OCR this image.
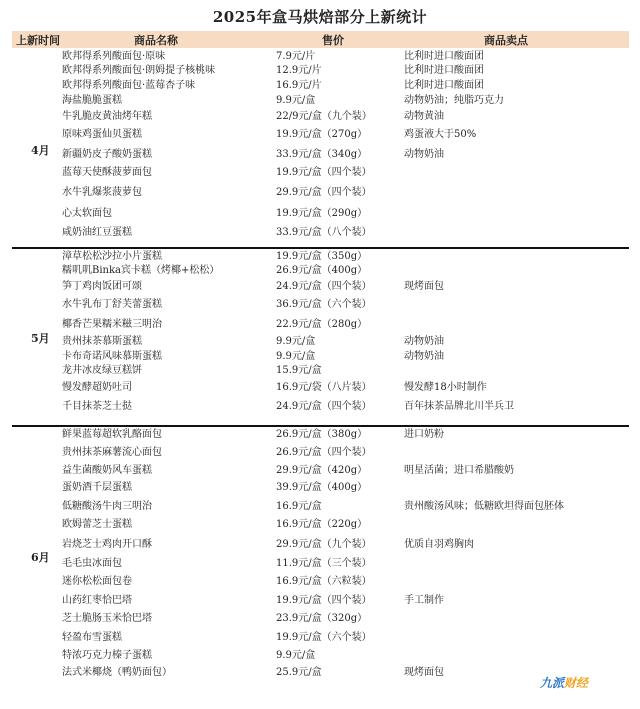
2025年盒马烘焙部分上新统计
上新时间	商品名称	售价	商品卖点
4月
欧邦得系列酸面包·原味	7.9元/片	比利时进口酸面团
欧邦得系列酸面包·朗姆提子核桃味	12.9元/片	比利时进口酸面团
欧邦得系列酸面包·蓝莓杏子味	16.9元/片	比利时进口酸面团
海盐脆脆蛋糕	9.9元/盒	动物奶油；纯脂巧克力
牛乳脆皮黄油烤年糕	22/9元/盒（九个装）	动物黄油
原味鸡蛋仙贝蛋糕	19.9元/盒（270g）	鸡蛋液大于50%
新疆奶皮子酸奶蛋糕	33.9元/盒（340g）	动物奶油
蓝莓天使酥菠萝面包	19.9元/盒（四个装）
水牛乳爆浆菠萝包	29.9元/盒（四个装）
心太软面包	19.9元/盒（290g）
咸奶油红豆蛋糕	33.9元/盒（八个装）
5月
漳草松松沙拉小片蛋糕	19.9元/盒（350g）
糯叽叽Binka宾卡糕（烤椰+松松）	26.9元/盒（400g）
笋丁鸡肉饭团可颂	24.9元/盒（四个装）	现烤面包
水牛乳布丁舒芙蕾蛋糕	36.9元/盒（六个装）
椰香芒果糯米糍三明治	22.9元/盒（280g）
贵州抹茶慕斯蛋糕	9.9元/盒	动物奶油
卡布奇诺风味慕斯蛋糕	9.9元/盒	动物奶油
龙井冰皮绿豆糕饼	15.9元/盒
慢发酵超奶吐司	16.9元/袋（八片装）	慢发酵18小时制作
千目抹茶芝士挞	24.9元/盒（四个装）	百年抹茶品牌北川半兵卫
6月
鲜果蓝莓超软乳酪面包	26.9元/盒（380g）	进口奶粉
贵州抹茶麻薯流心面包	26.9元/盒（四个装）
益生菌酸奶风车蛋糕	29.9元/盒（420g）	明星活菌；进口希腊酸奶
蛋奶酒千层蛋糕	39.9元/盒（400g）
低糖酸汤牛肉三明治	16.9元/盒	贵州酸汤风味；低糖欧坦得面包胚体
欧姆蕾芝士蛋糕	16.9元/盒（220g）
岩烧芝士鸡肉开口酥	29.9元/盒（九个装）	优质自羽鸡胸肉
毛毛虫冰面包	11.9元/盒（三个装）
迷你松松面包卷	16.9元/盒（六粒装）
山药红枣恰巴塔	19.9元/盒（四个装）	手工制作
芝士脆肠玉米恰巴塔	23.9元/盒（320g）
轻盈布雪蛋糕	19.9元/盒（六个装）
特浓巧克力榛子蛋糕	9.9元/盒
法式米椰烧（鸭奶面包）	25.9元/盒	现烤面包
九派财经
